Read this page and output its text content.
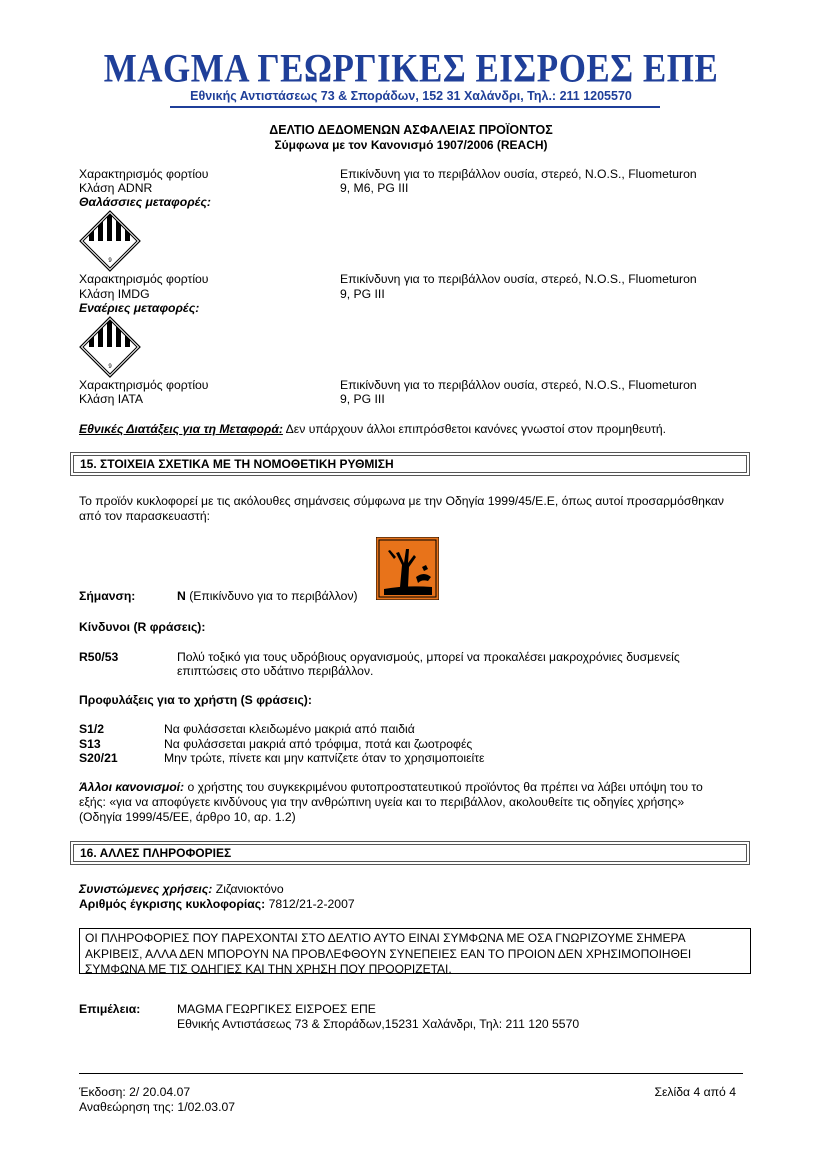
MAGMA ΓΕΩΡΓΙΚΕΣ ΕΙΣΡΟΕΣ ΕΠΕ
Εθνικής Αντιστάσεως 73 & Σποράδων, 152 31 Χαλάνδρι, Τηλ.: 211 1205570
ΔΕΛΤΙΟ ΔΕΔΟΜΕΝΩΝ ΑΣΦΑΛΕΙΑΣ ΠΡΟΪΟΝΤΟΣ
Σύμφωνα με τον Κανονισμό 1907/2006 (REACH)
Χαρακτηρισμός φορτίου	Επικίνδυνη για το περιβάλλον ουσία, στερεό, N.O.S., Fluometuron
Κλάση ADNR	9, M6, PG III
Θαλάσσιες μεταφορές:
9
Χαρακτηρισμός φορτίου	Επικίνδυνη για το περιβάλλον ουσία, στερεό, N.O.S., Fluometuron
Κλάση IMDG	9, PG III
Εναέριες μεταφορές:
9
Χαρακτηρισμός φορτίου	Επικίνδυνη για το περιβάλλον ουσία, στερεό, N.O.S., Fluometuron
Κλάση IATA	9, PG III
Εθνικές Διατάξεις για τη Μεταφορά: Δεν υπάρχουν άλλοι επιπρόσθετοι κανόνες γνωστοί στον προμηθευτή.
15. ΣΤΟΙΧΕΙΑ ΣΧΕΤΙΚΑ ΜΕ ΤΗ ΝΟΜΟΘΕΤΙΚΗ ΡΥΘΜΙΣΗ
Το προϊόν κυκλοφορεί με τις ακόλουθες σημάνσεις σύμφωνα με την Οδηγία 1999/45/Ε.Ε, όπως αυτοί προσαρμόσθηκαν
από τον παρασκευαστή:
Σήμανση:	N (Επικίνδυνο για το περιβάλλον)
Κίνδυνοι (R φράσεις):
R50/53	Πολύ τοξικό για τους υδρόβιους οργανισμούς, μπορεί να προκαλέσει μακροχρόνιες δυσμενείς
επιπτώσεις στο υδάτινο περιβάλλον.
Προφυλάξεις για το χρήστη (S φράσεις):
S1/2	Να φυλάσσεται κλειδωμένο μακριά από παιδιά
S13	Να φυλάσσεται μακριά από τρόφιμα, ποτά και ζωοτροφές
S20/21	Μην τρώτε, πίνετε και μην καπνίζετε όταν το χρησιμοποιείτε
Άλλοι κανονισμοί: ο χρήστης του συγκεκριμένου φυτοπροστατευτικού προϊόντος θα πρέπει να λάβει υπόψη του το
εξής: «για να αποφύγετε κινδύνους για την ανθρώπινη υγεία και το περιβάλλον, ακολουθείτε τις οδηγίες χρήσης»
(Οδηγία 1999/45/ΕΕ, άρθρο 10, αρ. 1.2)
16. ΑΛΛΕΣ ΠΛΗΡΟΦΟΡΙΕΣ
Συνιστώμενες χρήσεις: Ζιζανιοκτόνο
Αριθμός έγκρισης κυκλοφορίας: 7812/21-2-2007
ΟΙ ΠΛΗΡΟΦΟΡΙΕΣ ΠΟΥ ΠΑΡΕΧΟΝΤΑΙ ΣΤΟ ΔΕΛΤΙΟ ΑΥΤΟ ΕΙΝΑΙ ΣΥΜΦΩΝΑ ΜΕ ΟΣΑ ΓΝΩΡΙΖΟΥΜΕ ΣΗΜΕΡΑ
ΑΚΡΙΒΕΙΣ, ΑΛΛΑ ΔΕΝ ΜΠΟΡΟΥΝ ΝΑ ΠΡΟΒΛΕΦΘΟΥΝ ΣΥΝΕΠΕΙΕΣ ΕΑΝ ΤΟ ΠΡΟΙΟΝ ΔΕΝ ΧΡΗΣΙΜΟΠΟΙΗΘΕΙ
ΣΥΜΦΩΝΑ ΜΕ ΤΙΣ ΟΔΗΓΙΕΣ ΚΑΙ ΤΗΝ ΧΡΗΣΗ ΠΟΥ ΠΡΟΟΡΙΖΕΤΑΙ.
Επιμέλεια:	MAGMA ΓΕΩΡΓΙΚΕΣ ΕΙΣΡΟΕΣ ΕΠΕ
Εθνικής Αντιστάσεως 73 & Σποράδων,15231 Χαλάνδρι, Τηλ: 211 120 5570
Έκδοση: 2/ 20.04.07
Αναθεώρηση της: 1/02.03.07
Σελίδα 4 από 4
